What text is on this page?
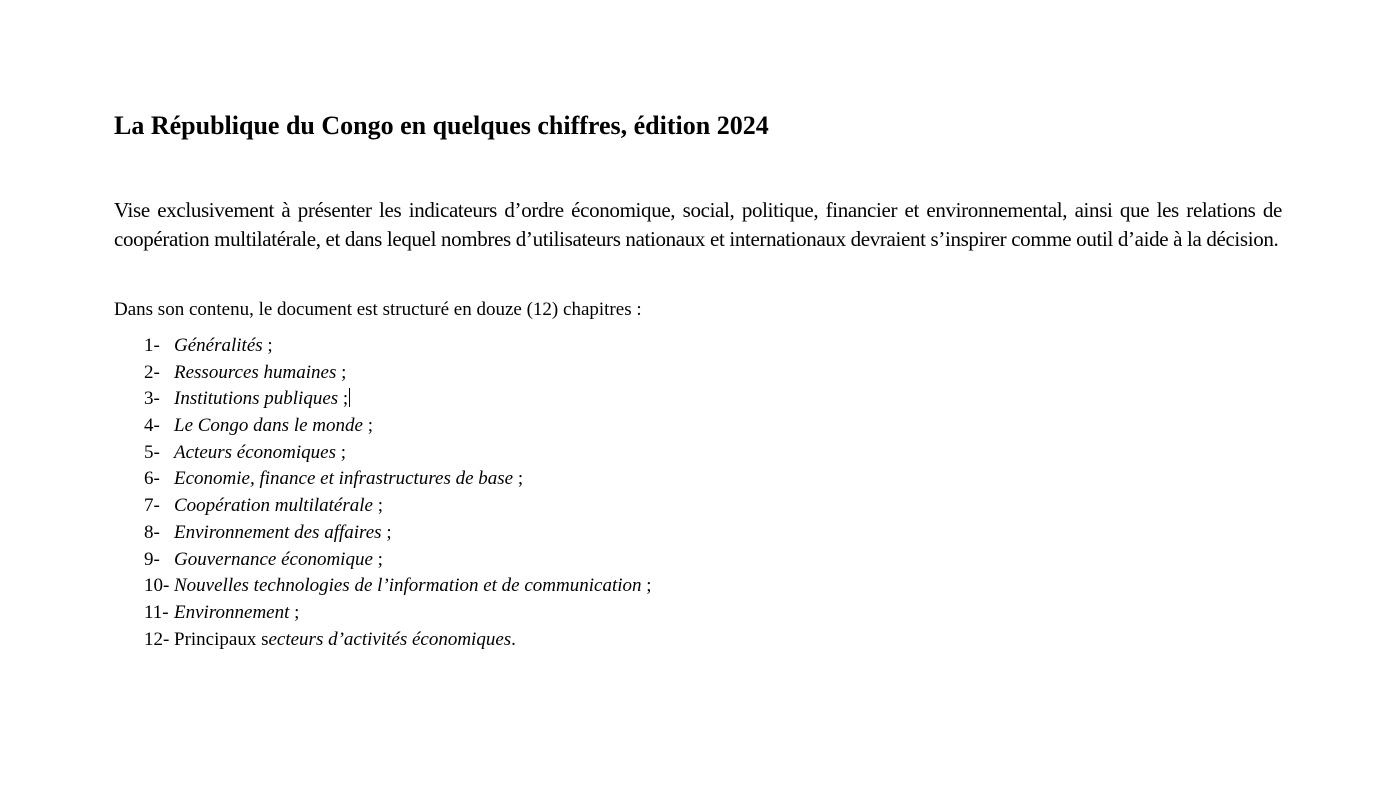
La République du Congo en quelques chiffres, édition 2024

Vise exclusivement à présenter les indicateurs d’ordre économique, social, politique, financier et environnemental, ainsi que les relations de coopération multilatérale, et dans lequel nombres d’utilisateurs nationaux et internationaux devraient s’inspirer comme outil d’aide à la décision.

Dans son contenu, le document est structuré en douze (12) chapitres :

1- Généralités ;
2- Ressources humaines ;
3- Institutions publiques ;
4- Le Congo dans le monde ;
5- Acteurs économiques ;
6- Economie, finance et infrastructures de base ;
7- Coopération multilatérale ;
8- Environnement des affaires ;
9- Gouvernance économique ;
10- Nouvelles technologies de l’information et de communication ;
11- Environnement ;
12- Principaux secteurs d’activités économiques.
